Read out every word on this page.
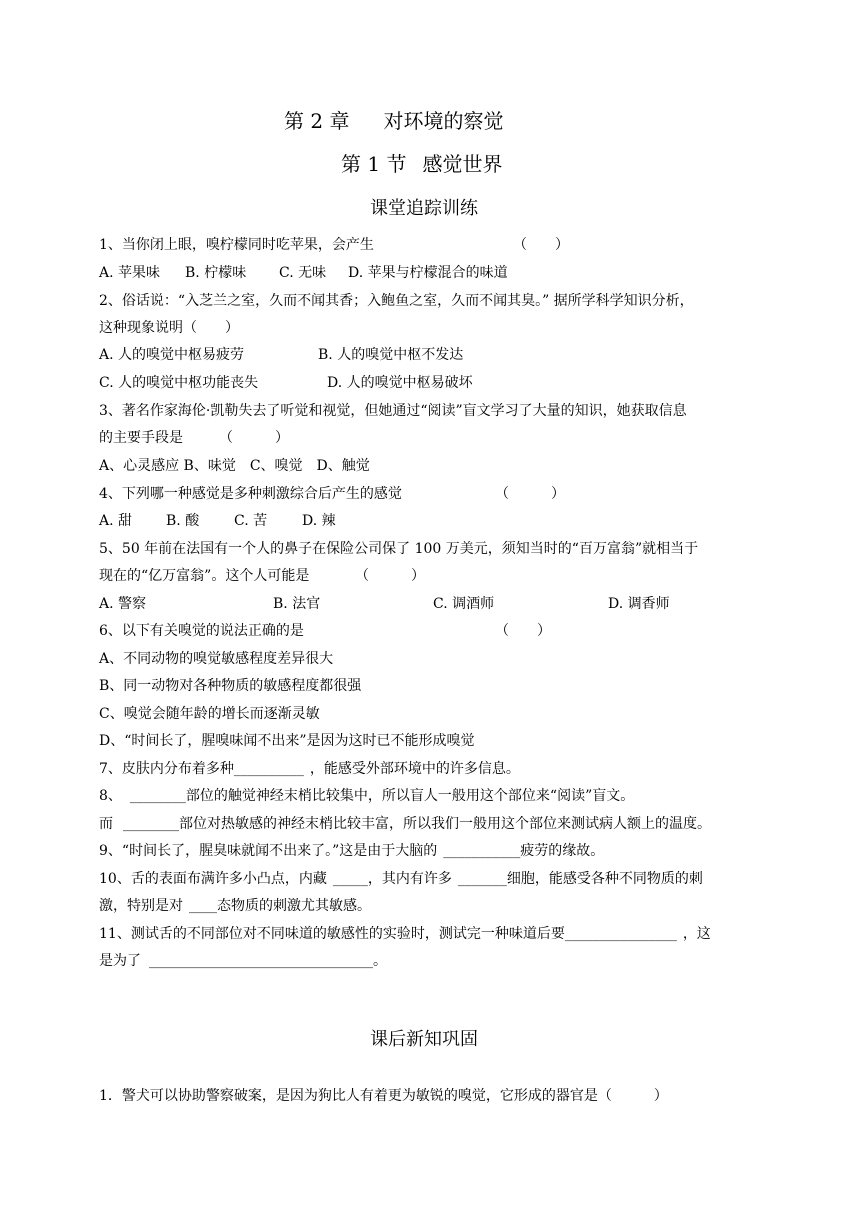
第 2 章 对环境的察觉
第 1 节 感觉世界
课堂追踪训练
1、当你闭上眼，嗅柠檬同时吃苹果，会产生	（　　）
A. 苹果味 B. 柠檬味 C. 无味 D. 苹果与柠檬混合的味道
2、俗话说：“入芝兰之室，久而不闻其香；入鲍鱼之室，久而不闻其臭。” 据所学科学知识分析，
这种现象说明（　　）
A. 人的嗅觉中枢易疲劳	B. 人的嗅觉中枢不发达
C. 人的嗅觉中枢功能丧失	D. 人的嗅觉中枢易破坏
3、著名作家海伦·凯勒失去了听觉和视觉，但她通过“阅读”盲文学习了大量的知识，她获取信息
的主要手段是	（　　　）
A、心灵感应 B、味觉　C、嗅觉　D、触觉
4、下列哪一种感觉是多种刺激综合后产生的感觉	（　　　）
A. 甜 B. 酸 C. 苦 D. 辣
5、50 年前在法国有一个人的鼻子在保险公司保了 100 万美元，须知当时的“百万富翁”就相当于
现在的“亿万富翁”。这个人可能是	（　　　）
A. 警察	B. 法官	C. 调酒师	D. 调香师
6、以下有关嗅觉的说法正确的是	（　　）
A、不同动物的嗅觉敏感程度差异很大
B、同一动物对各种物质的敏感程度都很强
C、嗅觉会随年龄的增长而逐渐灵敏
D、“时间长了，腥嗅味闻不出来”是因为这时已不能形成嗅觉
7、皮肤内分布着多种__________ ，能感受外部环境中的许多信息。
8、 ________部位的触觉神经末梢比较集中，所以盲人一般用这个部位来“阅读”盲文。
而 ________部位对热敏感的神经末梢比较丰富，所以我们一般用这个部位来测试病人额上的温度。
9、“时间长了，腥臭味就闻不出来了。”这是由于大脑的 ___________疲劳的缘故。
10、舌的表面布满许多小凸点，内藏 _____，其内有许多 _______细胞，能感受各种不同物质的刺
激，特别是对 ____态物质的刺激尤其敏感。
11、测试舌的不同部位对不同味道的敏感性的实验时，测试完一种味道后要________________ ，这
是为了 ________________________________。
课后新知巩固
1．警犬可以协助警察破案，是因为狗比人有着更为敏锐的嗅觉，它形成的器官是（　　　）
